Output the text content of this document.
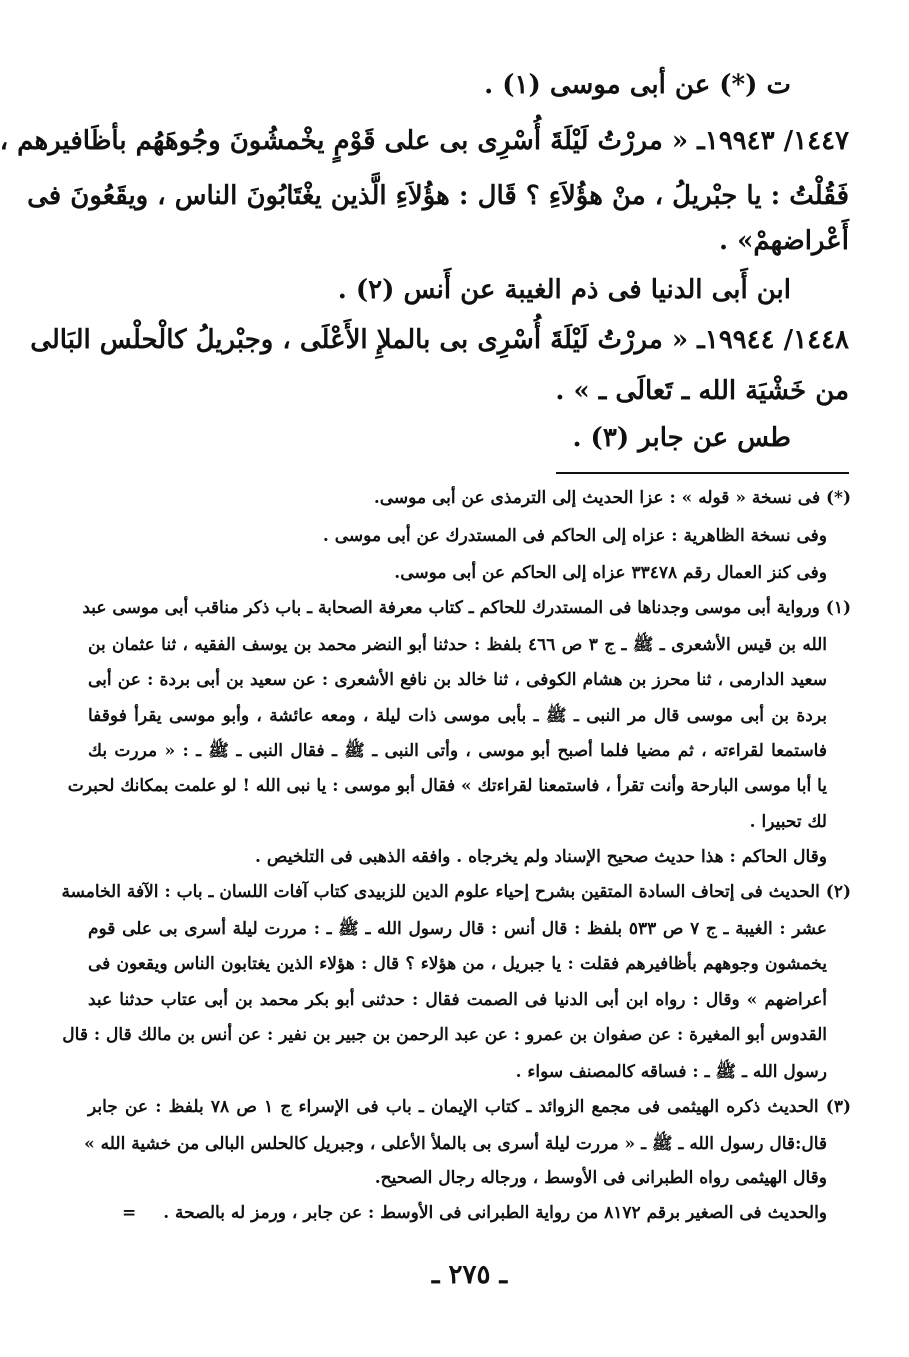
ت (*) عن أبى موسى (١) .
١٤٤٧/ ١٩٩٤٣ـ « مررْتُ لَيْلَةَ أُسْرِى بى على قَوْمٍ يخْمشُونَ وجُوهَهُم بأظَافيرهم ،
فَقُلْتُ : يا جبْريلُ ، منْ هؤُلاَءِ ؟ قَال : هؤُلاَءِ الَّذين يغْتَابُونَ الناس ، ويقَعُونَ فى
أَعْراضهمْ» .
ابن أَبى الدنيا فى ذم الغيبة عن أَنس (٢) .
١٤٤٨/ ١٩٩٤٤ـ « مررْتُ لَيْلَةَ أُسْرِى بى بالملإِ الأَعْلَى ، وجبْريلُ كالْحلْس البَالى
من خَشْيَة الله ـ تَعالَى ـ » .
طس عن جابر (٣) .
(*) فى نسخة « قوله » : عزا الحديث إلى الترمذى عن أبى موسى.
وفى نسخة الظاهرية : عزاه إلى الحاكم فى المستدرك عن أبى موسى .
وفى كنز العمال رقم ٣٣٤٧٨ عزاه إلى الحاكم عن أبى موسى.
(١) ورواية أبى موسى وجدناها فى المستدرك للحاكم ـ كتاب معرفة الصحابة ـ باب ذكر مناقب أبى موسى عبد
الله بن قيس الأشعرى ـ ﷺ ـ ج ٣ ص ٤٦٦ بلفظ : حدثنا أبو النضر محمد بن يوسف الفقيه ، ثنا عثمان بن
سعيد الدارمى ، ثنا محرز بن هشام الكوفى ، ثنا خالد بن نافع الأشعرى : عن سعيد بن أبى بردة : عن أبى
بردة بن أبى موسى قال مر النبى ـ ﷺ ـ بأبى موسى ذات ليلة ، ومعه عائشة ، وأبو موسى يقرأ فوقفا
فاستمعا لقراءته ، ثم مضيا فلما أصبح أبو موسى ، وأتى النبى ـ ﷺ ـ فقال النبى ـ ﷺ ـ : « مررت بك
يا أبا موسى البارحة وأنت تقرأ ، فاستمعنا لقراءتك » فقال أبو موسى : يا نبى الله ! لو علمت بمكانك لحبرت
لك تحبيرا .
وقال الحاكم : هذا حديث صحيح الإسناد ولم يخرجاه . وافقه الذهبى فى التلخيص .
(٢) الحديث فى إتحاف السادة المتقين بشرح إحياء علوم الدين للزبيدى كتاب آفات اللسان ـ باب : الآفة الخامسة
عشر : الغيبة ـ ج ٧ ص ٥٣٣ بلفظ : قال أنس : قال رسول الله ـ ﷺ ـ : مررت ليلة أسرى بى على قوم
يخمشون وجوههم بأظافيرهم فقلت : يا جبريل ، من هؤلاء ؟ قال : هؤلاء الذين يغتابون الناس ويقعون فى
أعراضهم » وقال : رواه ابن أبى الدنيا فى الصمت فقال : حدثنى أبو بكر محمد بن أبى عتاب حدثنا عبد
القدوس أبو المغيرة : عن صفوان بن عمرو : عن عبد الرحمن بن جبير بن نفير : عن أنس بن مالك قال : قال
رسول الله ـ ﷺ ـ : فساقه كالمصنف سواء .
(٣) الحديث ذكره الهيثمى فى مجمع الزوائد ـ كتاب الإيمان ـ باب فى الإسراء ج ١ ص ٧٨ بلفظ : عن جابر
قال:قال رسول الله ـ ﷺ ـ « مررت ليلة أسرى بى بالملأ الأعلى ، وجبريل كالحلس البالى من خشية الله »
وقال الهيثمى رواه الطبرانى فى الأوسط ، ورجاله رجال الصحيح.
والحديث فى الصغير برقم ٨١٧٢ من رواية الطبرانى فى الأوسط : عن جابر ، ورمز له بالصحة .
=
ـ ٢٧٥ ـ
